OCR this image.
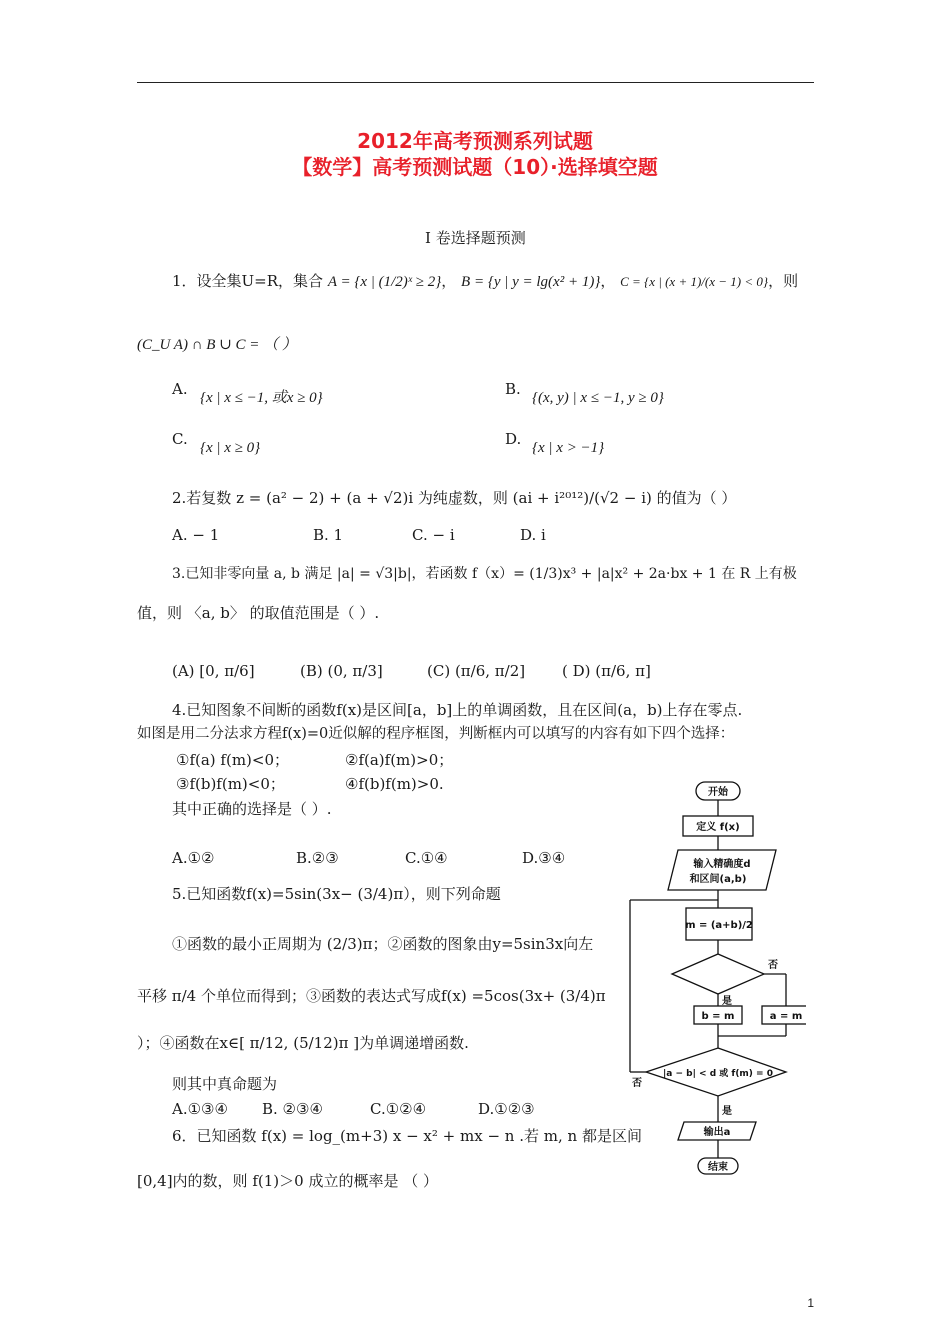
2012年高考预测系列试题
【数学】高考预测试题（10）·选择填空题
Ⅰ 卷选择题预测
1．设全集U=R，集合 A = {x | (1/2)ˣ ≥ 2}， B = {y | y = lg(x² + 1)}， C = {x | (x + 1)/(x − 1) < 0}，则
(C_U A) ∩ B ∪ C = （ ）
A. {x | x ≤ −1, 或x ≥ 0}	B. {(x, y) | x ≤ −1, y ≥ 0}
C. {x | x ≥ 0}	D. {x | x > −1}
2.若复数 z = (a² − 2) + (a + √2)i 为纯虚数，则 (ai + i²⁰¹²)/(√2 − i) 的值为（ ）
A. − 1	B. 1	C. − i	D. i
3.已知非零向量 a, b 满足 |a| = √3|b|，若函数 f（x）= (1/3)x³ + |a|x² + 2a·bx + 1 在 R 上有极
值，则 〈a, b〉 的取值范围是（ ）.
(A) [0, π/6]	(B) (0, π/3]	(C) (π/6, π/2] ( D) (π/6, π]
4.已知图象不间断的函数f(x)是区间[a，b]上的单调函数，且在区间(a，b)上存在零点.
如图是用二分法求方程f(x)=0近似解的程序框图，判断框内可以填写的内容有如下四个选择：
①f(a) f(m)<0；	②f(a)f(m)>0；
③f(b)f(m)<0；	④f(b)f(m)>0.
其中正确的选择是（ ）.
A.①②	B.②③	C.①④	D.③④
5.已知函数f(x)=5sin(3x− (3/4)π），则下列命题
①函数的最小正周期为 (2/3)π；②函数的图象由y=5sin3x向左
平移 π/4 个单位而得到；③函数的表达式写成f(x) =5cos(3x+ (3/4)π
）；④函数在x∈[ π/12, (5/12)π ]为单调递增函数.
则其中真命题为
A.①③④ B. ②③④	C.①②④	D.①②③
6．已知函数 f(x) = log_(m+3) x − x² + mx − n .若 m, n 都是区间
[0,4]内的数，则 f(1)＞0 成立的概率是 （ ）
开始
定义 f(x)
输入精确度d
和区间(a,b)
m = (a+b)/2
否
是
b = m	a = m
|a − b| < d 或 f(m) = 0
否
是
输出a
结束
1
